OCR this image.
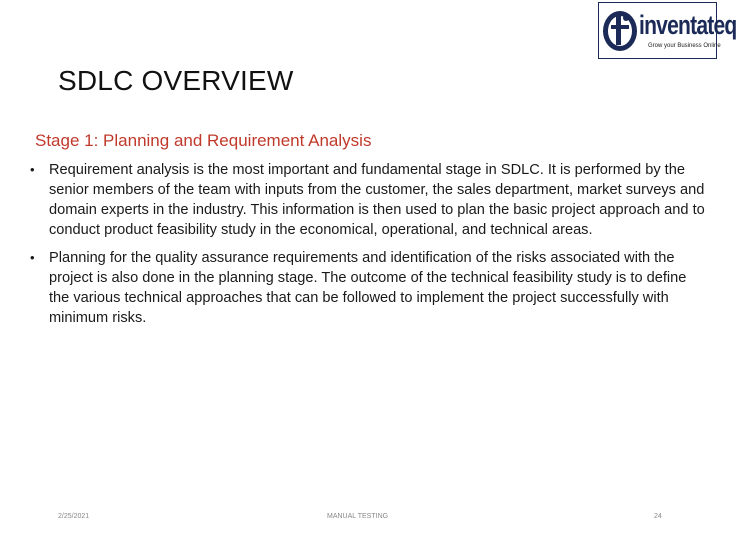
inventateq
Grow your Business Online
SDLC OVERVIEW
Stage 1: Planning and Requirement Analysis
• Requirement analysis is the most important and fundamental stage in SDLC. It is performed by the senior members of the team with inputs from the customer, the sales department, market surveys and domain experts in the industry. This information is then used to plan the basic project approach and to conduct product feasibility study in the economical, operational, and technical areas.
• Planning for the quality assurance requirements and identification of the risks associated with the project is also done in the planning stage. The outcome of the technical feasibility study is to define the various technical approaches that can be followed to implement the project successfully with minimum risks.
2/25/2021	MANUAL TESTING	24
